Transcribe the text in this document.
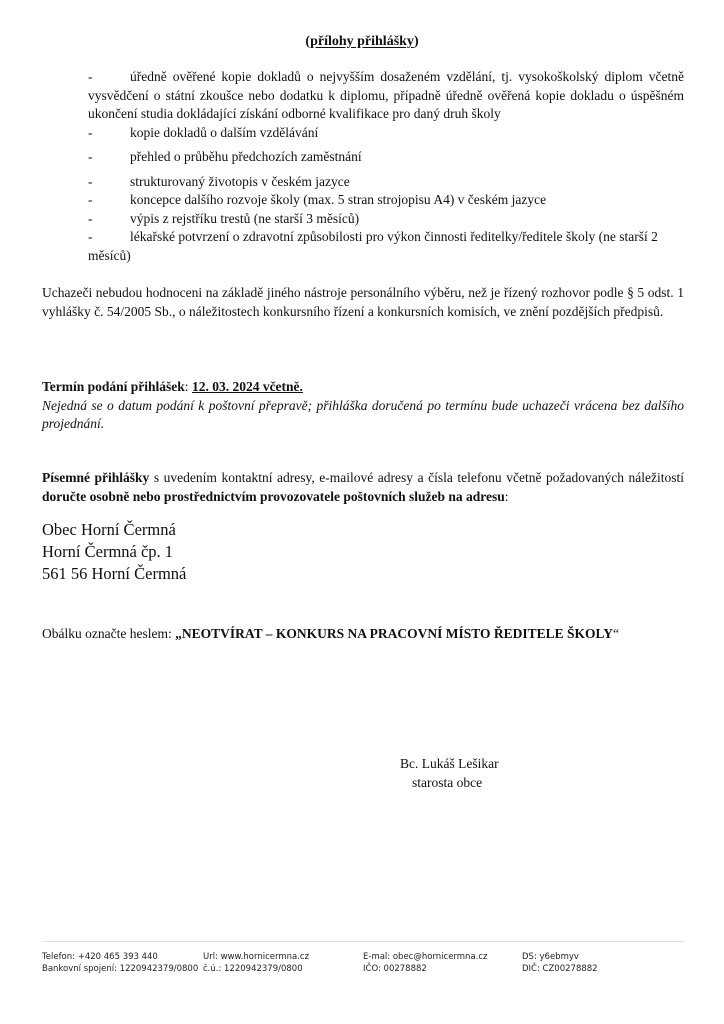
(přílohy přihlášky)
-	úředně ověřené kopie dokladů o nejvyšším dosaženém vzdělání, tj. vysokoškolský diplom včetně vysvědčení o státní zkoušce nebo dodatku k diplomu, případně úředně ověřená kopie dokladu o úspěšném ukončení studia dokládající získání odborné kvalifikace pro daný druh školy
-	kopie dokladů o dalším vzdělávání
-	přehled o průběhu předchozích zaměstnání
-	strukturovaný životopis v českém jazyce
-	koncepce dalšího rozvoje školy (max. 5 stran strojopisu A4) v českém jazyce
-	výpis z rejstříku trestů (ne starší 3 měsíců)
-	lékařské potvrzení o zdravotní způsobilosti pro výkon činnosti ředitelky/ředitele školy (ne starší 2 měsíců)
Uchazeči nebudou hodnoceni na základě jiného nástroje personálního výběru, než je řízený rozhovor podle § 5 odst. 1 vyhlášky č. 54/2005 Sb., o náležitostech konkursního řízení a konkursních komisích, ve znění pozdějších předpisů.
Termín podání přihlášek: 12. 03. 2024 včetně.
Nejedná se o datum podání k poštovní přepravě; přihláška doručená po termínu bude uchazeči vrácena bez dalšího projednání.
Písemné přihlášky s uvedením kontaktní adresy, e-mailové adresy a čísla telefonu včetně požadovaných náležitostí doručte osobně nebo prostřednictvím provozovatele poštovních služeb na adresu:
Obec Horní Čermná
Horní Čermná čp. 1
561 56 Horní Čermná
Obálku označte heslem: „NEOTVÍRAT – KONKURS NA PRACOVNÍ MÍSTO ŘEDITELE ŠKOLY“
Bc. Lukáš Lešikar
starosta obce
Telefon: +420 465 393 440
Bankovní spojení: 1220942379/0800
Url: www.hornicermna.cz
č.ú.: 1220942379/0800
E-mal: obec@hornicermna.cz
IČO: 00278882
DS: y6ebmyv
DIČ: CZ00278882
